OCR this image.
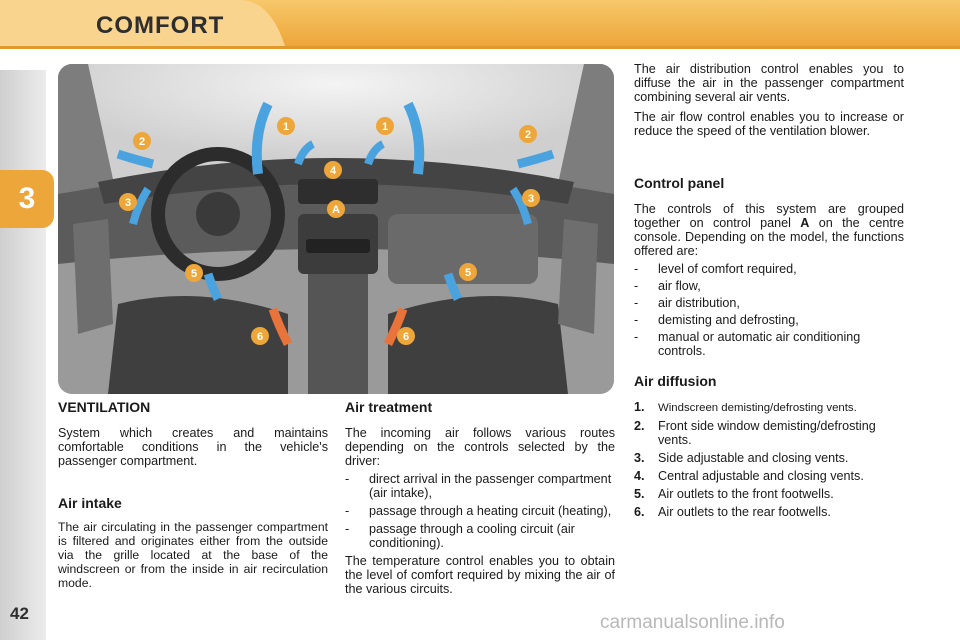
COMFORT
3
42
1	1
2
2
3	3
4
5	5
6	6
A

VENTILATION

System which creates and maintains comfortable conditions in the vehicle's passenger compartment.

Air intake

The air circulating in the passenger compartment is filtered and originates either from the outside via the grille located at the base of the windscreen or from the inside in air recirculation mode.

Air treatment

The incoming air follows various routes depending on the controls selected by the driver:

- direct arrival in the passenger compartment (air intake),
- passage through a heating circuit (heating),
- passage through a cooling circuit (air conditioning).

The temperature control enables you to obtain the level of comfort required by mixing the air of the various circuits.

The air distribution control enables you to diffuse the air in the passenger compartment combining several air vents.

The air flow control enables you to increase or reduce the speed of the ventilation blower.

Control panel

The controls of this system are grouped together on control panel A on the centre console. Depending on the model, the functions offered are:

- level of comfort required,
- air flow,
- air distribution,
- demisting and defrosting,
- manual or automatic air conditioning controls.

Air diffusion

1. Windscreen demisting/defrosting vents.
2. Front side window demisting/defrosting vents.
3. Side adjustable and closing vents.
4. Central adjustable and closing vents.
5. Air outlets to the front footwells.
6. Air outlets to the rear footwells.
carmanualsonline.info
